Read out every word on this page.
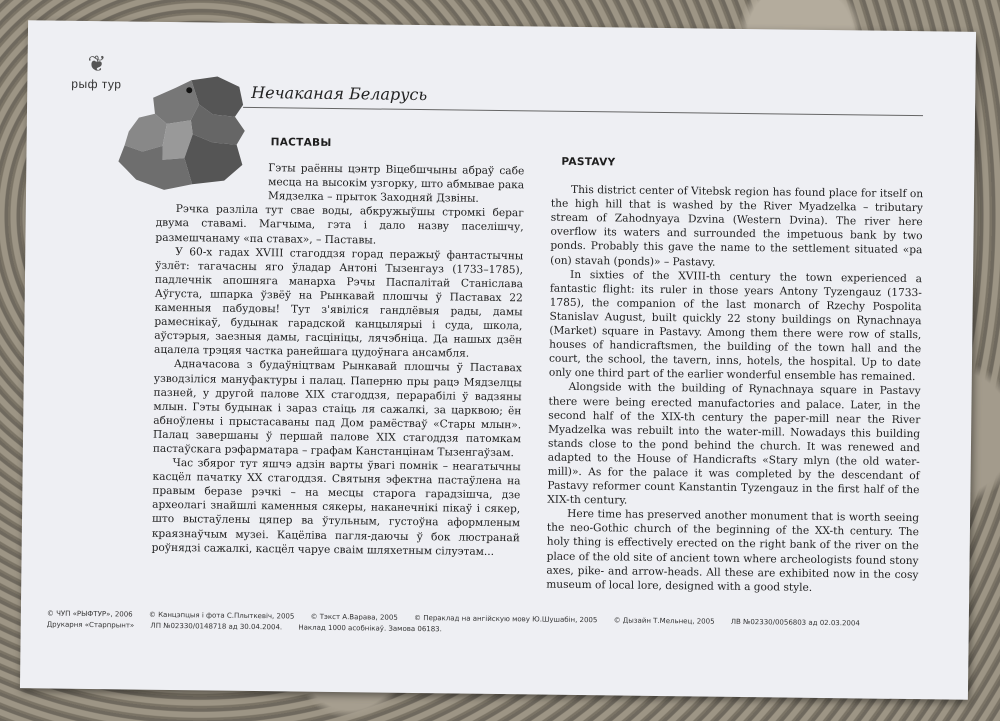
❦
рыф тур	Нечаканая Беларусь
ПАСТАВЫ

Гэты раённы цэнтр Віцебшчыны абраў сабе месца на высокім узгорку, што абмывае рака Мядзелка – прыток Заходняй Дзвіны.

Рэчка разліла тут свае воды, абкружыўшы стромкі бераг двума ставамі. Магчыма, гэта і дало назву паселішчу, размешчанаму «па ставах», – Паставы.

У 60-х гадах XVIII стагоддзя горад перажыў фантастычны ўзлёт: тагачасны яго ўладар Антоні Тызенгауз (1733–1785), падлечнік апошняга манарха Рэчы Паспалітай Станіслава Аўгуста, шпарка ўзвёў на Рынкавай плошчы ў Паставах 22 каменныя пабудовы! Тут з'явіліся гандлёвыя рады, дамы рамеснікаў, будынак гарадской канцылярыі і суда, школа, аўстэрыя, заезныя дамы, гасцініцы, лячэбніца. Да нашых дзён ацалела трэцяя частка ранейшага цудоўнага ансамбля.

Адначасова з будаўніцтвам Рынкавай плошчы ў Паставах узводзіліся мануфактуры і палац. Паперню пры рацэ Мядзелцы пазней, у другой палове XIX стагоддзя, перарабілі ў вадзяны млын. Гэты будынак і зараз стаіць ля сажалкі, за царквою; ён абноўлены і прыстасаваны пад Дом рамёстваў «Стары млын». Палац завершаны ў першай палове XIX стагоддзя патомкам пастаўскага рэфарматара – графам Канстанцінам Тызенгаўзам.

Час збярог тут яшчэ адзін варты ўвагі помнік – неагатычны касцёл пачатку XX стагоддзя. Святыня эфектна пастаўлена на правым беразе рэчкі – на месцы старога гарадзішча, дзе археолагі знайшлі каменныя сякеры, наканечнікі пікаў і сякер, што выстаўлены цяпер ва ўтульным, густоўна аформленым краязнаўчым музеі. Кацёліва пагля-даючы ў бок люстранай роўнядзі сажалкі, касцёл чаруе сваім шляхетным сілуэтам...

PASTAVY

This district center of Vitebsk region has found place for itself on the high hill that is washed by the River Myadzelka – tributary stream of Zahodnyaya Dzvina (Western Dvina). The river here overflow its waters and surrounded the impetuous bank by two ponds. Probably this gave the name to the settlement situated «pa (on) stavah (ponds)» – Pastavy.

In sixties of the XVIII-th century the town experienced a fantastic flight: its ruler in those years Antony Tyzengauz (1733-1785), the companion of the last monarch of Rzechy Pospolita Stanislav August, built quickly 22 stony buildings on Rynachnaya (Market) square in Pastavy. Among them there were row of stalls, houses of handicraftsmen, the building of the town hall and the court, the school, the tavern, inns, hotels, the hospital. Up to date only one third part of the earlier wonderful ensemble has remained.

Alongside with the building of Rynachnaya square in Pastavy there were being erected manufactories and palace. Later, in the second half of the XIX-th century the paper-mill near the River Myadzelka was rebuilt into the water-mill. Nowadays this building stands close to the pond behind the church. It was renewed and adapted to the House of Handicrafts «Stary mlyn (the old water-mill)». As for the palace it was completed by the descendant of Pastavy reformer count Kanstantin Tyzengauz in the first half of the XIX-th century.

Here time has preserved another monument that is worth seeing the neo-Gothic church of the beginning of the XX-th century. The holy thing is effectively erected on the right bank of the river on the place of the old site of ancient town where archeologists found stony axes, pike- and arrow-heads. All these are exhibited now in the cosy museum of local lore, designed with a good style.

© ЧУП «РЫФТУР», 2006 © Канцэпцыя і фота С.Плыткевіч, 2005 © Тэкст А.Варава, 2005 © Пераклад на ангійскую мову Ю.Шушабін, 2005 © Дызайн Т.Мельнец, 2005 ЛВ №02330/0056803 ад 02.03.2004
Друкарня «Старпрынт» ЛП №02330/0148718 ад 30.04.2004. Наклад 1000 асобнікаў. Замова 06183.
